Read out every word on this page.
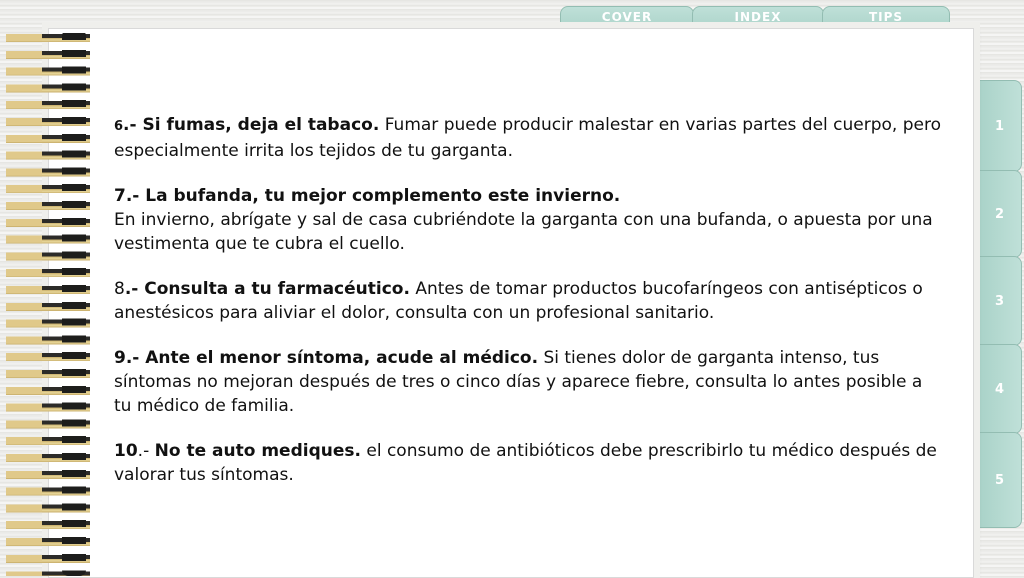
COVER	INDEX	TIPS
1
2
3
4
5

6.- Si fumas, deja el tabaco. Fumar puede producir malestar en varias partes del cuerpo, pero especialmente irrita los tejidos de tu garganta.

7.- La bufanda, tu mejor complemento este invierno.
En invierno, abrígate y sal de casa cubriéndote la garganta con una bufanda, o apuesta por una vestimenta que te cubra el cuello.

8.- Consulta a tu farmacéutico. Antes de tomar productos bucofaríngeos con antisépticos o anestésicos para aliviar el dolor, consulta con un profesional sanitario.

9.- Ante el menor síntoma, acude al médico. Si tienes dolor de garganta intenso, tus síntomas no mejoran después de tres o cinco días y aparece fiebre, consulta lo antes posible a tu médico de familia.

10.- No te auto mediques. el consumo de antibióticos debe prescribirlo tu médico después de valorar tus síntomas.
